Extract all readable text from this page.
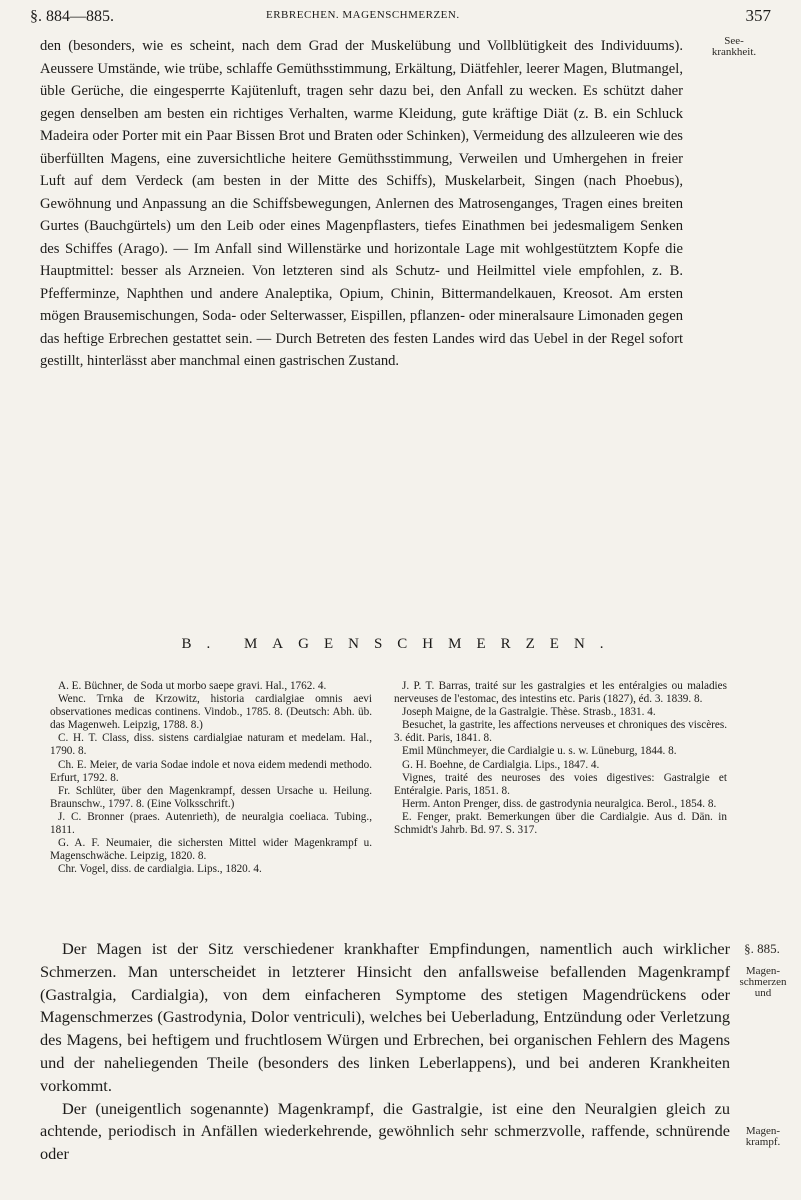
§. 884—885.	ERBRECHEN. MAGENSCHMERZEN.	357

den (besonders, wie es scheint, nach dem Grad der Muskelübung und Vollblütigkeit des Individuums). Aeussere Umstände, wie trübe, schlaffe Gemüthsstimmung, Erkältung, Diätfehler, leerer Magen, Blutmangel, üble Gerüche, die eingesperrte Kajütenluft, tragen sehr dazu bei, den Anfall zu wecken. Es schützt daher gegen denselben am besten ein richtiges Verhalten, warme Kleidung, gute kräftige Diät (z. B. ein Schluck Madeira oder Porter mit ein Paar Bissen Brot und Braten oder Schinken), Vermeidung des allzuleeren wie des überfüllten Magens, eine zuversichtliche heitere Gemüthsstimmung, Verweilen und Umhergehen in freier Luft auf dem Verdeck (am besten in der Mitte des Schiffs), Muskelarbeit, Singen (nach Phoebus), Gewöhnung und Anpassung an die Schiffsbewegungen, Anlernen des Matrosenganges, Tragen eines breiten Gurtes (Bauchgürtels) um den Leib oder eines Magenpflasters, tiefes Einathmen bei jedesmaligem Senken des Schiffes (Arago). — Im Anfall sind Willenstärke und horizontale Lage mit wohlgestütztem Kopfe die Hauptmittel: besser als Arzneien. Von letzteren sind als Schutz- und Heilmittel viele empfohlen, z. B. Pfefferminze, Naphthen und andere Analeptika, Opium, Chinin, Bittermandelkauen, Kreosot. Am ersten mögen Brausemischungen, Soda- oder Selterwasser, Eispillen, pflanzen- oder mineralsaure Limonaden gegen das heftige Erbrechen gestattet sein. — Durch Betreten des festen Landes wird das Uebel in der Regel sofort gestillt, hinterlässt aber manchmal einen gastrischen Zustand.

See-
krankheit.
B. MAGENSCHMERZEN.

A. E. Büchner, de Soda ut morbo saepe gravi. Hal., 1762. 4.

Wenc. Trnka de Krzowitz, historia cardialgiae omnis aevi observationes medicas continens. Vindob., 1785. 8. (Deutsch: Abh. üb. das Magenweh. Leipzig, 1788. 8.)

C. H. T. Class, diss. sistens cardialgiae naturam et medelam. Hal., 1790. 8.

Ch. E. Meier, de varia Sodae indole et nova eidem medendi methodo. Erfurt, 1792. 8.

Fr. Schlüter, über den Magenkrampf, dessen Ursache u. Heilung. Braunschw., 1797. 8. (Eine Volksschrift.)

J. C. Bronner (praes. Autenrieth), de neuralgia coeliaca. Tubing., 1811.

G. A. F. Neumaier, die sichersten Mittel wider Magenkrampf u. Magenschwäche. Leipzig, 1820. 8.

Chr. Vogel, diss. de cardialgia. Lips., 1820. 4.

J. P. T. Barras, traité sur les gastralgies et les entéralgies ou maladies nerveuses de l'estomac, des intestins etc. Paris (1827), éd. 3. 1839. 8.

Joseph Maigne, de la Gastralgie. Thèse. Strasb., 1831. 4.

Besuchet, la gastrite, les affections nerveuses et chroniques des viscères. 3. édit. Paris, 1841. 8.

Emil Münchmeyer, die Cardialgie u. s. w. Lüneburg, 1844. 8.

G. H. Boehne, de Cardialgia. Lips., 1847. 4.

Vignes, traité des neuroses des voies digestives: Gastralgie et Entéralgie. Paris, 1851. 8.

Herm. Anton Prenger, diss. de gastrodynia neuralgica. Berol., 1854. 8.

E. Fenger, prakt. Bemerkungen über die Cardialgie. Aus d. Dän. in Schmidt's Jahrb. Bd. 97. S. 317.

§. 885.
Magen-
schmerzen
und
Magen-
krampf.

Der Magen ist der Sitz verschiedener krankhafter Empfindungen, namentlich auch wirklicher Schmerzen. Man unterscheidet in letzterer Hinsicht den anfallsweise befallenden Magenkrampf (Gastralgia, Cardialgia), von dem einfacheren Symptome des stetigen Magendrückens oder Magenschmerzes (Gastrodynia, Dolor ventriculi), welches bei Ueberladung, Entzündung oder Verletzung des Magens, bei heftigem und fruchtlosem Würgen und Erbrechen, bei organischen Fehlern des Magens und der naheliegenden Theile (besonders des linken Leberlappens), und bei anderen Krankheiten vorkommt.

Der (uneigentlich sogenannte) Magenkrampf, die Gastralgie, ist eine den Neuralgien gleich zu achtende, periodisch in Anfällen wiederkehrende, gewöhnlich sehr schmerzvolle, raffende, schnürende oder
